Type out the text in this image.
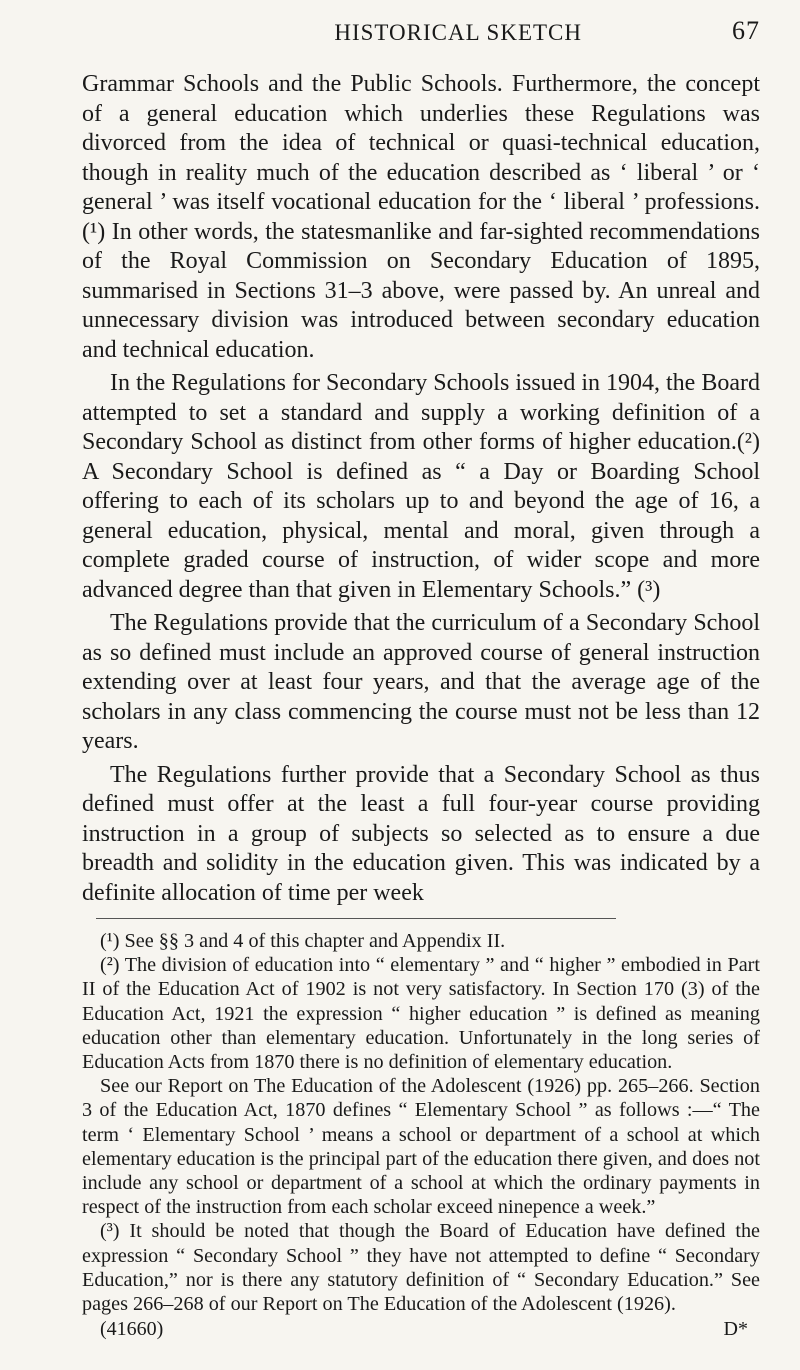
HISTORICAL SKETCH	67

Grammar Schools and the Public Schools. Furthermore, the concept of a general education which underlies these Regulations was divorced from the idea of technical or quasi-technical education, though in reality much of the education described as ‘ liberal ’ or ‘ general ’ was itself vocational education for the ‘ liberal ’ professions.(¹) In other words, the statesmanlike and far-sighted recommendations of the Royal Commission on Secondary Education of 1895, summarised in Sections 31–3 above, were passed by. An unreal and unnecessary division was introduced between secondary education and technical education.

In the Regulations for Secondary Schools issued in 1904, the Board attempted to set a standard and supply a working definition of a Secondary School as distinct from other forms of higher education.(²) A Secondary School is defined as “ a Day or Boarding School offering to each of its scholars up to and beyond the age of 16, a general education, physical, mental and moral, given through a complete graded course of instruction, of wider scope and more advanced degree than that given in Elementary Schools.” (³)

The Regulations provide that the curriculum of a Secondary School as so defined must include an approved course of general instruction extending over at least four years, and that the average age of the scholars in any class commencing the course must not be less than 12 years.

The Regulations further provide that a Secondary School as thus defined must offer at the least a full four-year course providing instruction in a group of subjects so selected as to ensure a due breadth and solidity in the education given. This was indicated by a definite allocation of time per week

(¹) See §§ 3 and 4 of this chapter and Appendix II.

(²) The division of education into “ elementary ” and “ higher ” embodied in Part II of the Education Act of 1902 is not very satisfactory. In Section 170 (3) of the Education Act, 1921 the expression “ higher education ” is defined as meaning education other than elementary education. Unfortunately in the long series of Education Acts from 1870 there is no definition of elementary education.

See our Report on The Education of the Adolescent (1926) pp. 265–266. Section 3 of the Education Act, 1870 defines “ Elementary School ” as follows :—“ The term ‘ Elementary School ’ means a school or department of a school at which elementary education is the principal part of the education there given, and does not include any school or department of a school at which the ordinary payments in respect of the instruction from each scholar exceed ninepence a week.”

(³) It should be noted that though the Board of Education have defined the expression “ Secondary School ” they have not attempted to define “ Secondary Education,” nor is there any statutory definition of “ Secondary Education.” See pages 266–268 of our Report on The Education of the Adolescent (1926).

(41660)	D*
